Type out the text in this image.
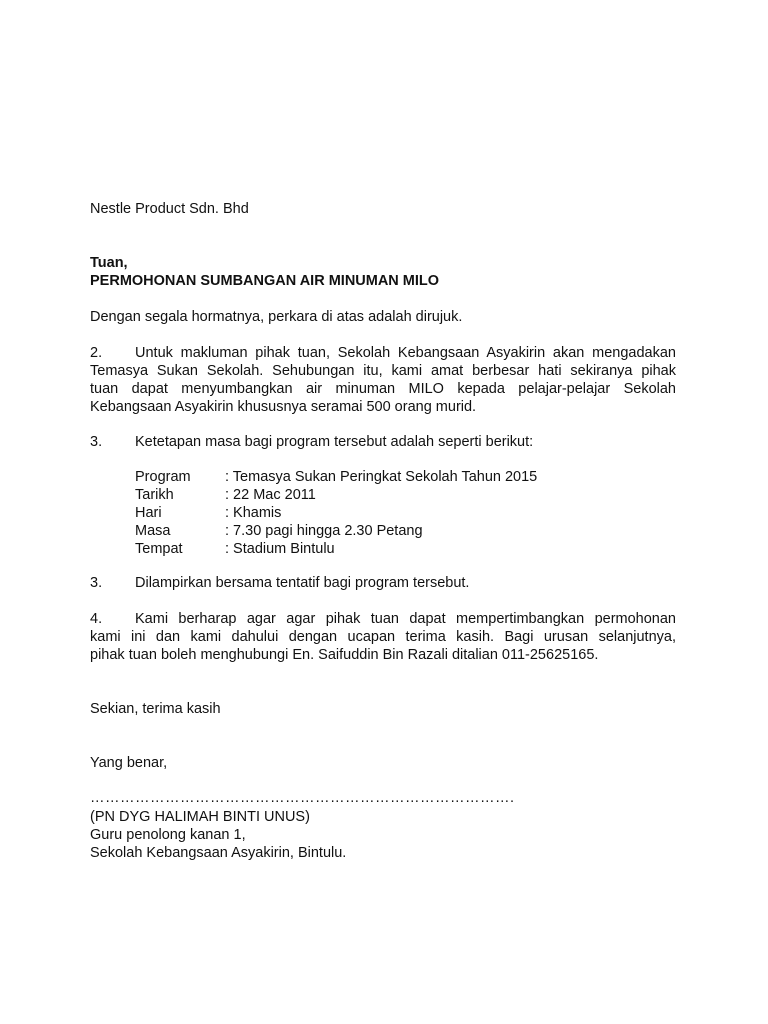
Nestle Product Sdn. Bhd
Tuan,
PERMOHONAN SUMBANGAN AIR MINUMAN MILO
Dengan segala hormatnya, perkara di atas adalah dirujuk.
2. Untuk makluman pihak tuan, Sekolah Kebangsaan Asyakirin akan mengadakan
Temasya Sukan Sekolah. Sehubungan itu, kami amat berbesar hati sekiranya pihak
tuan dapat menyumbangkan air minuman MILO kepada pelajar-pelajar Sekolah
Kebangsaan Asyakirin khususnya seramai 500 orang murid.
3. Ketetapan masa bagi program tersebut adalah seperti berikut:
Program : Temasya Sukan Peringkat Sekolah Tahun 2015
Tarikh	: 22 Mac 2011
Hari	: Khamis
Masa	: 7.30 pagi hingga 2.30 Petang
Tempat	: Stadium Bintulu
3. Dilampirkan bersama tentatif bagi program tersebut.
4. Kami berharap agar agar pihak tuan dapat mempertimbangkan permohonan
kami ini dan kami dahului dengan ucapan terima kasih. Bagi urusan selanjutnya,
pihak tuan boleh menghubungi En. Saifuddin Bin Razali ditalian 011-25625165.
Sekian, terima kasih
Yang benar,
………………………………………………………………………….
(PN DYG HALIMAH BINTI UNUS)
Guru penolong kanan 1,
Sekolah Kebangsaan Asyakirin, Bintulu.
